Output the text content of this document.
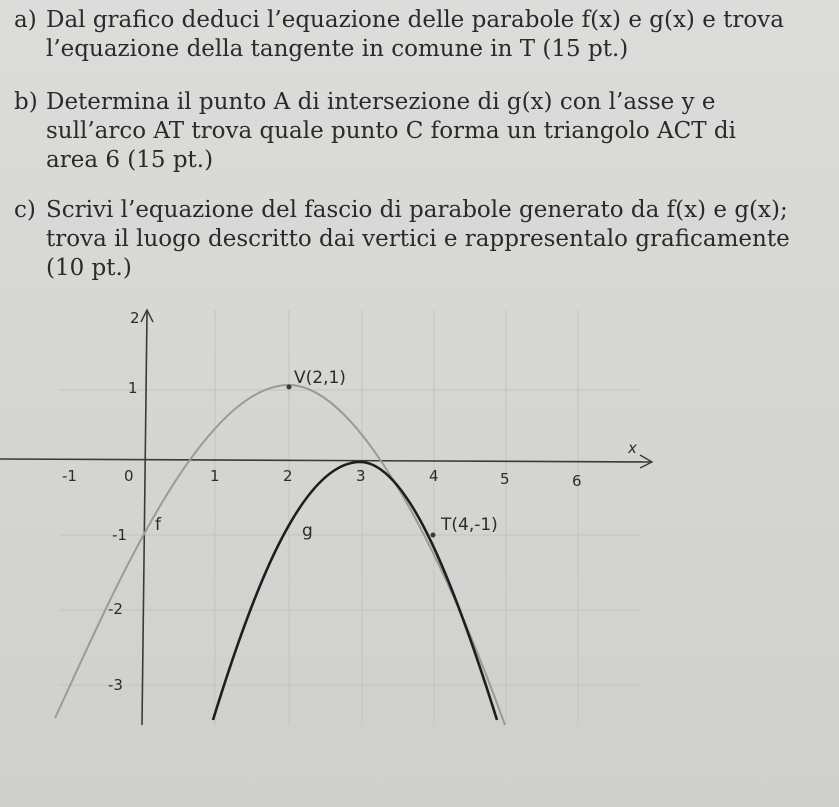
a) Dal grafico deduci l’equazione delle parabole f(x) e g(x) e trova
l’equazione della tangente in comune in T (15 pt.)
b) Determina il punto A di intersezione di g(x) con l’asse y e
sull’arco AT trova quale punto C forma un triangolo ACT di
area 6 (15 pt.)
c) Scrivi l’equazione del fascio di parabole generato da f(x) e g(x);
trova il luogo descritto dai vertici e rappresentalo graficamente
(10 pt.)
x
-1	0	1	2	3	4	5	6
2
1
-1
-2
-3
V(2,1)
T(4,-1)
f	g
